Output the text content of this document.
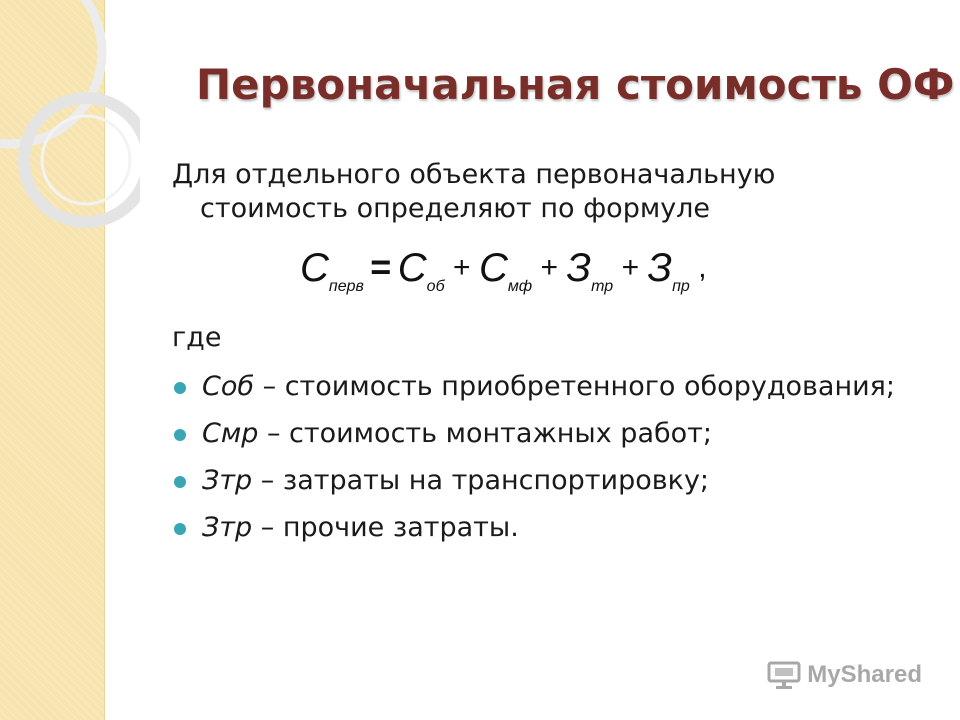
Первоначальная стоимость ОФ
Для отдельного объекта первоначальную
стоимость определяют по формуле
$С_{перв} = С_{об} + С_{мф} + З_{тр} + З_{пр}$ ,
где
Соб – стоимость приобретенного оборудования;
Смр – стоимость монтажных работ;
Зтр – затраты на транспортировку;
Зтр – прочие затраты.
MyShared
